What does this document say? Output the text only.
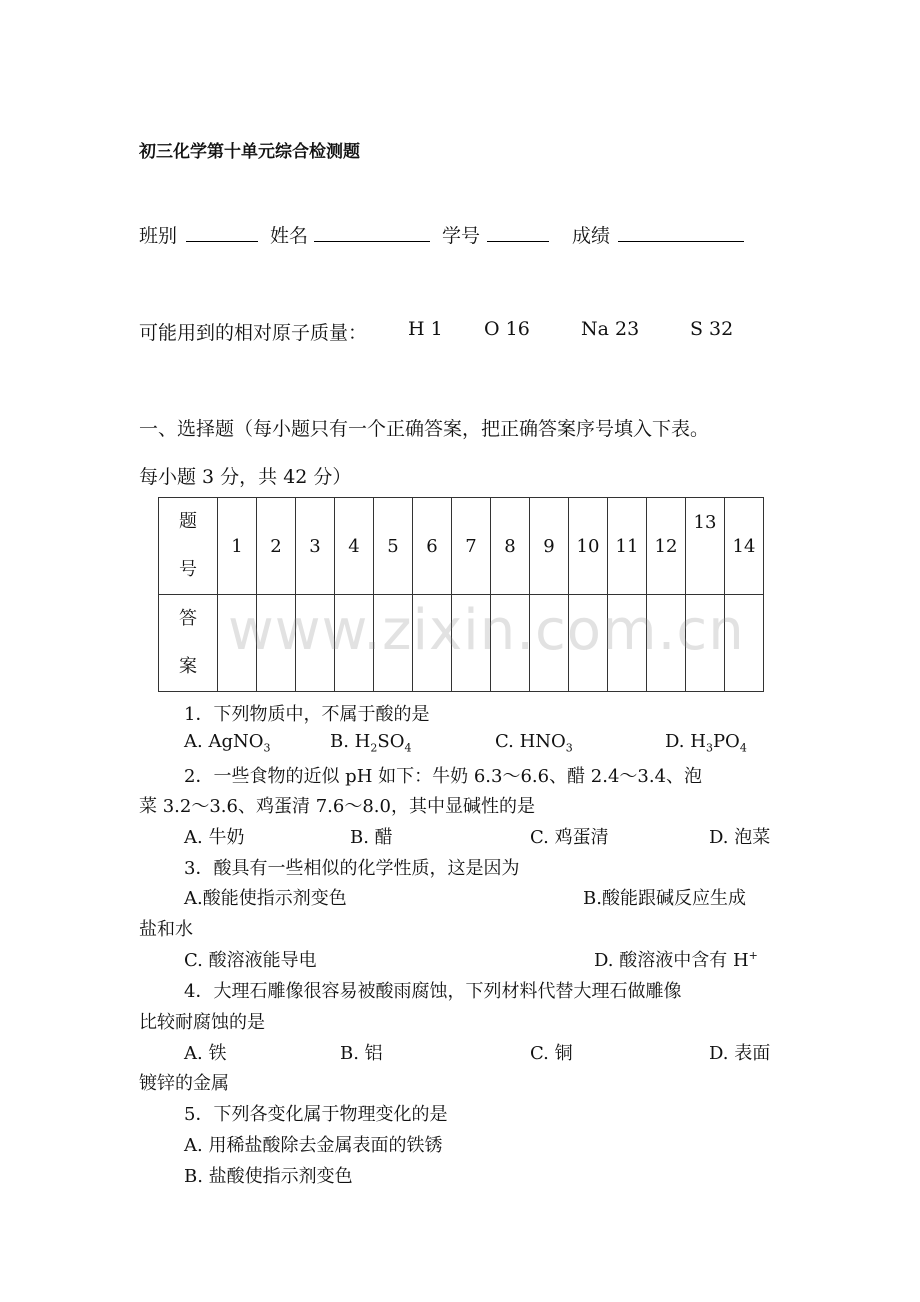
初三化学第十单元综合检测题
班别	姓名	学号	成绩
可能用到的相对原子质量： H 1 O 16	Na 23	S 32
一、选择题（每小题只有一个正确答案，把正确答案序号填入下表。
每小题 3 分，共 42 分）
题
号	1	2	3	4	5	6	7	8	9	10	11	12	13	14

答
案														

www.zixin.com.cn
1．下列物质中，不属于酸的是
A. AgNO$_3$	B. $H_2SO_4$	C. $HNO_3$	D. $H_3PO_4$
2．一些食物的近似 pH 如下：牛奶 6.3～6.6、醋 2.4～3.4、泡
菜 3.2～3.6、鸡蛋清 7.6～8.0，其中显碱性的是
A. 牛奶	B. 醋	C. 鸡蛋清	D. 泡菜
3．酸具有一些相似的化学性质，这是因为
A.酸能使指示剂变色	B.酸能跟碱反应生成
盐和水
C. 酸溶液能导电	D. 酸溶液中含有 H+
4．大理石雕像很容易被酸雨腐蚀，下列材料代替大理石做雕像
比较耐腐蚀的是
A. 铁	B. 铝	C. 铜	D. 表面
镀锌的金属
5．下列各变化属于物理变化的是
A. 用稀盐酸除去金属表面的铁锈
B. 盐酸使指示剂变色
